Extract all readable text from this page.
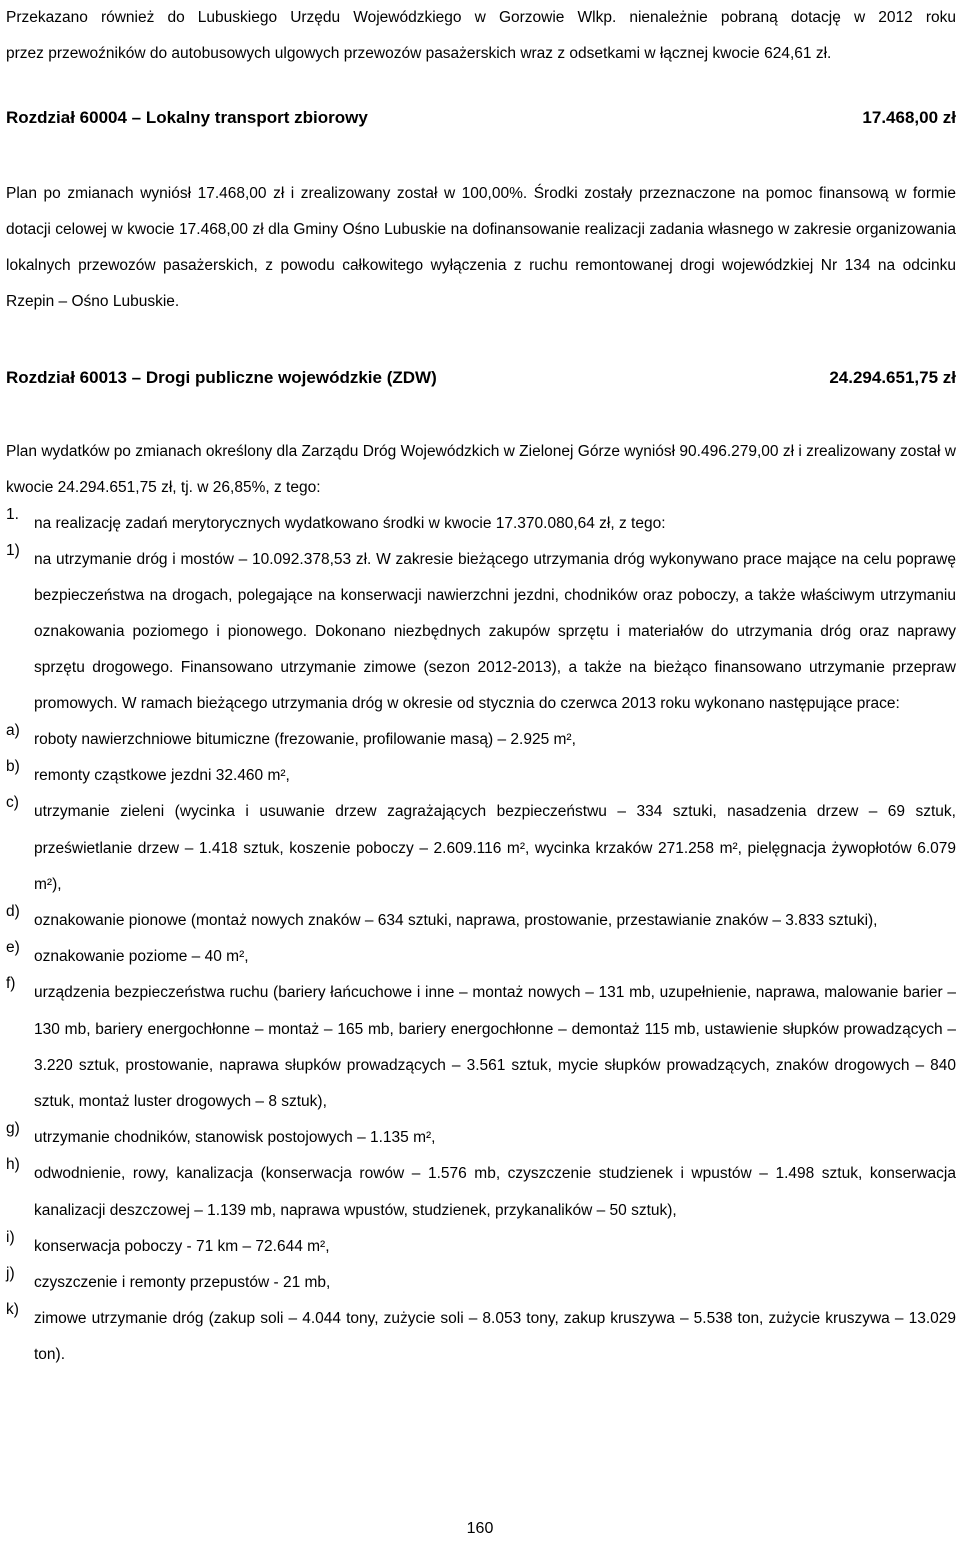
Przekazano również do Lubuskiego Urzędu Wojewódzkiego w Gorzowie Wlkp. nienależnie pobraną dotację w 2012 roku
przez przewoźników do autobusowych ulgowych przewozów pasażerskich wraz z odsetkami w łącznej kwocie 624,61 zł.
Rozdział 60004 – Lokalny transport zbiorowy	17.468,00 zł

Plan po zmianach wyniósł 17.468,00 zł i zrealizowany został w 100,00%. Środki zostały przeznaczone na pomoc finansową w formie dotacji celowej w kwocie 17.468,00 zł dla Gminy Ośno Lubuskie na dofinansowanie realizacji zadania własnego w zakresie organizowania lokalnych przewozów pasażerskich, z powodu całkowitego wyłączenia z ruchu remontowanej drogi wojewódzkiej Nr 134 na odcinku Rzepin – Ośno Lubuskie.

Rozdział 60013 – Drogi publiczne wojewódzkie (ZDW)	24.294.651,75 zł

Plan wydatków po zmianach określony dla Zarządu Dróg Wojewódzkich w Zielonej Górze wyniósł 90.496.279,00 zł i zrealizowany został w kwocie 24.294.651,75 zł, tj. w 26,85%, z tego:

1.
na realizację zadań merytorycznych wydatkowano środki w kwocie 17.370.080,64 zł, z tego:
1)
na utrzymanie dróg i mostów – 10.092.378,53 zł. W zakresie bieżącego utrzymania dróg wykonywano prace mające na celu poprawę bezpieczeństwa na drogach, polegające na konserwacji nawierzchni jezdni, chodników oraz poboczy, a także właściwym utrzymaniu oznakowania poziomego i pionowego. Dokonano niezbędnych zakupów sprzętu i materiałów do utrzymania dróg oraz naprawy sprzętu drogowego. Finansowano utrzymanie zimowe (sezon 2012-2013), a także na bieżąco finansowano utrzymanie przepraw promowych. W ramach bieżącego utrzymania dróg w okresie od stycznia do czerwca 2013 roku wykonano następujące prace:
a)
roboty nawierzchniowe bitumiczne (frezowanie, profilowanie masą) – 2.925 m²,
b)
remonty cząstkowe jezdni 32.460 m²,
c)
utrzymanie zieleni (wycinka i usuwanie drzew zagrażających bezpieczeństwu – 334 sztuki, nasadzenia drzew – 69 sztuk, prześwietlanie drzew – 1.418 sztuk, koszenie poboczy – 2.609.116 m², wycinka krzaków 271.258 m², pielęgnacja żywopłotów 6.079 m²),
d)
oznakowanie pionowe (montaż nowych znaków – 634 sztuki, naprawa, prostowanie, przestawianie znaków – 3.833 sztuki),
e)
oznakowanie poziome – 40 m²,
f)
urządzenia bezpieczeństwa ruchu (bariery łańcuchowe i inne – montaż nowych – 131 mb, uzupełnienie, naprawa, malowanie barier – 130 mb, bariery energochłonne – montaż – 165 mb, bariery energochłonne – demontaż 115 mb, ustawienie słupków prowadzących – 3.220 sztuk, prostowanie, naprawa słupków prowadzących – 3.561 sztuk, mycie słupków prowadzących, znaków drogowych – 840 sztuk, montaż luster drogowych – 8 sztuk),
g)
utrzymanie chodników, stanowisk postojowych – 1.135 m²,
h)
odwodnienie, rowy, kanalizacja (konserwacja rowów – 1.576 mb, czyszczenie studzienek i wpustów – 1.498 sztuk, konserwacja kanalizacji deszczowej – 1.139 mb, naprawa wpustów, studzienek, przykanalików – 50 sztuk),
i)
konserwacja poboczy - 71 km – 72.644 m²,
j)
czyszczenie i remonty przepustów - 21 mb,
k)
zimowe utrzymanie dróg (zakup soli – 4.044 tony, zużycie soli – 8.053 tony, zakup kruszywa – 5.538 ton, zużycie kruszywa – 13.029 ton).
160
